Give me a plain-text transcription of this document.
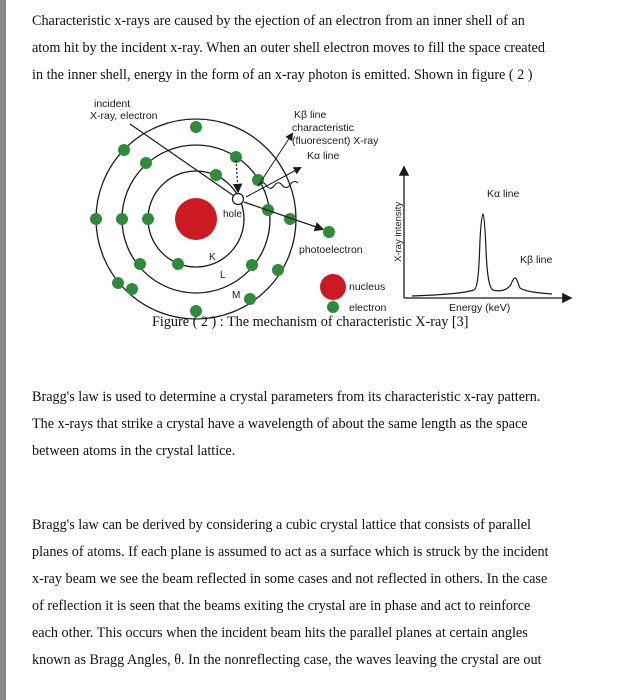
Characteristic x-rays are caused by the ejection of an electron from an inner shell of an
atom hit by the incident x-ray. When an outer shell electron moves to fill the space created
in the inner shell, energy in the form of an x-ray photon is emitted. Shown in figure ( 2 )
incident
X-ray, electron	Kβ line
characteristic
(fluorescent) X-ray
Kα line
hole
K
L
M
photoelectron
nucleus
electron
X-ray intensity
Energy (keV)
Kα line
Kβ line
Figure ( 2 ) : The mechanism of characteristic X-ray [3]
Bragg's law is used to determine a crystal parameters from its characteristic x-ray pattern.
The x-rays that strike a crystal have a wavelength of about the same length as the space
between atoms in the crystal lattice.
Bragg's law can be derived by considering a cubic crystal lattice that consists of parallel
planes of atoms. If each plane is assumed to act as a surface which is struck by the incident
x-ray beam we see the beam reflected in some cases and not reflected in others. In the case
of reflection it is seen that the beams exiting the crystal are in phase and act to reinforce
each other. This occurs when the incident beam hits the parallel planes at certain angles
known as Bragg Angles, θ. In the nonreflecting case, the waves leaving the crystal are out
